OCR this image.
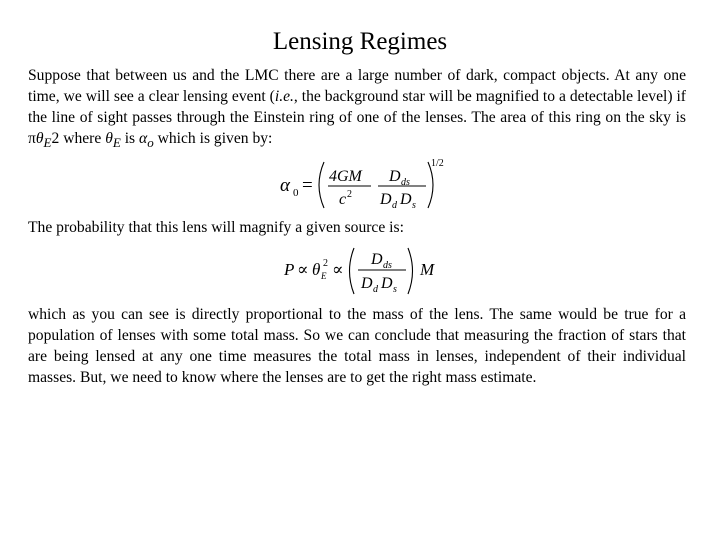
Lensing Regimes
Suppose that between us and the LMC there are a large number of dark, compact objects. At any one time, we will see a clear lensing event (i.e., the background star will be magnified to a detectable level) if the line of sight passes through the Einstein ring of one of the lenses. The area of this ring on the sky is $\pi\theta_E2$ where $\theta_E$ is $\alpha_o$ which is given by:
α 0 = 4GM
c 2
D ds
D d D s
1/2
The probability that this lens will magnify a given source is:
P ∝ θ E
2 ∝
D ds
D d D s
M
which as you can see is directly proportional to the mass of the lens. The same would be true for a population of lenses with some total mass. So we can conclude that measuring the fraction of stars that are being lensed at any one time measures the total mass in lenses, independent of their individual masses. But, we need to know where the lenses are to get the right mass estimate.
